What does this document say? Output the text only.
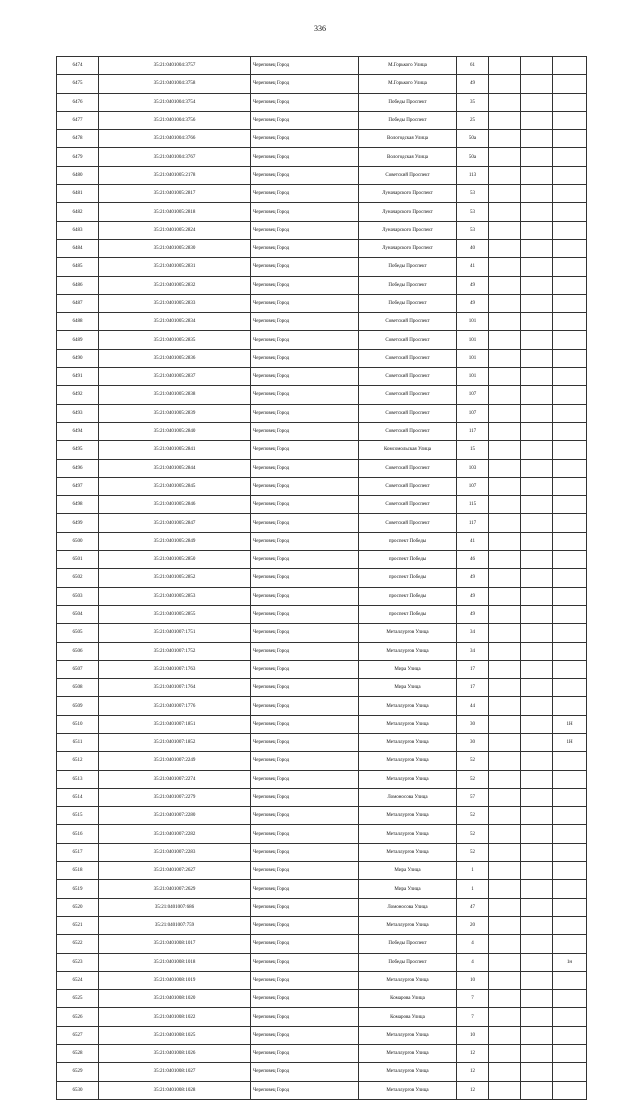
336
6474	35:21:0401004:3757	Череповец Город	М.Горького Улица	61			
6475	35:21:0401004:3758	Череповец Город	М.Горького Улица	49			
6476	35:21:0401004:3754	Череповец Город	Победы Проспект	35			
6477	35:21:0401004:3756	Череповец Город	Победы Проспект	25			
6478	35:21:0401004:3766	Череповец Город	Вологодская Улица	50а			
6479	35:21:0401004:3767	Череповец Город	Вологодская Улица	50а			
6480	35:21:0401005:2178	Череповец Город	Советский Проспект	113			
6481	35:21:0401005:2817	Череповец Город	Луначарского Проспект	53			
6482	35:21:0401005:2818	Череповец Город	Луначарского Проспект	53			
6483	35:21:0401005:2824	Череповец Город	Луначарского Проспект	53			
6484	35:21:0401005:2830	Череповец Город	Луначарского Проспект	40			
6485	35:21:0401005:2831	Череповец Город	Победы Проспект	41			
6486	35:21:0401005:2832	Череповец Город	Победы Проспект	49			
6487	35:21:0401005:2833	Череповец Город	Победы Проспект	49			
6488	35:21:0401005:2834	Череповец Город	Советский Проспект	101			
6489	35:21:0401005:2835	Череповец Город	Советский Проспект	101			
6490	35:21:0401005:2836	Череповец Город	Советский Проспект	101			
6491	35:21:0401005:2837	Череповец Город	Советский Проспект	101			
6492	35:21:0401005:2838	Череповец Город	Советский Проспект	107			
6493	35:21:0401005:2839	Череповец Город	Советский Проспект	107			
6494	35:21:0401005:2840	Череповец Город	Советский Проспект	117			
6495	35:21:0401005:2841	Череповец Город	Комсомольская Улица	15			
6496	35:21:0401005:2844	Череповец Город	Советский Проспект	103			
6497	35:21:0401005:2845	Череповец Город	Советский Проспект	107			
6498	35:21:0401005:2846	Череповец Город	Советский Проспект	115			
6499	35:21:0401005:2847	Череповец Город	Советский Проспект	117			
6500	35:21:0401005:2849	Череповец Город	проспект Победы	41			
6501	35:21:0401005:2850	Череповец Город	проспект Победы	46			
6502	35:21:0401005:2852	Череповец Город	проспект Победы	49			
6503	35:21:0401005:2853	Череповец Город	проспект Победы	49			
6504	35:21:0401005:2855	Череповец Город	проспект Победы	49			
6505	35:21:0401007:1751	Череповец Город	Металлургов Улица	34			
6506	35:21:0401007:1752	Череповец Город	Металлургов Улица	34			
6507	35:21:0401007:1763	Череповец Город	Мира Улица	17			
6508	35:21:0401007:1764	Череповец Город	Мира Улица	17			
6509	35:21:0401007:1776	Череповец Город	Металлургов Улица	44			
6510	35:21:0401007:1851	Череповец Город	Металлургов Улица	30			1Н
6511	35:21:0401007:1852	Череповец Город	Металлургов Улица	30			1Н
6512	35:21:0401007:2249	Череповец Город	Металлургов Улица	52			
6513	35:21:0401007:2274	Череповец Город	Металлургов Улица	52			
6514	35:21:0401007:2279	Череповец Город	Ломоносова Улица	57			
6515	35:21:0401007:2280	Череповец Город	Металлургов Улица	52			
6516	35:21:0401007:2282	Череповец Город	Металлургов Улица	52			
6517	35:21:0401007:2283	Череповец Город	Металлургов Улица	52			
6518	35:21:0401007:2627	Череповец Город	Мира Улица	1			
6519	35:21:0401007:2629	Череповец Город	Мира Улица	1			
6520	35:21:0401007:686	Череповец Город	Ломоносова Улица	47			
6521	35:21:0401007:759	Череповец Город	Металлургов Улица	20			
6522	35:21:0401008:1017	Череповец Город	Победы Проспект	4			
6523	35:21:0401008:1018	Череповец Город	Победы Проспект	4			1н
6524	35:21:0401008:1019	Череповец Город	Металлургов Улица	10			
6525	35:21:0401008:1020	Череповец Город	Комарова Улица	7			
6526	35:21:0401008:1022	Череповец Город	Комарова Улица	7			
6527	35:21:0401008:1025	Череповец Город	Металлургов Улица	10			
6528	35:21:0401008:1026	Череповец Город	Металлургов Улица	12			
6529	35:21:0401008:1027	Череповец Город	Металлургов Улица	12			
6530	35:21:0401008:1028	Череповец Город	Металлургов Улица	12			
